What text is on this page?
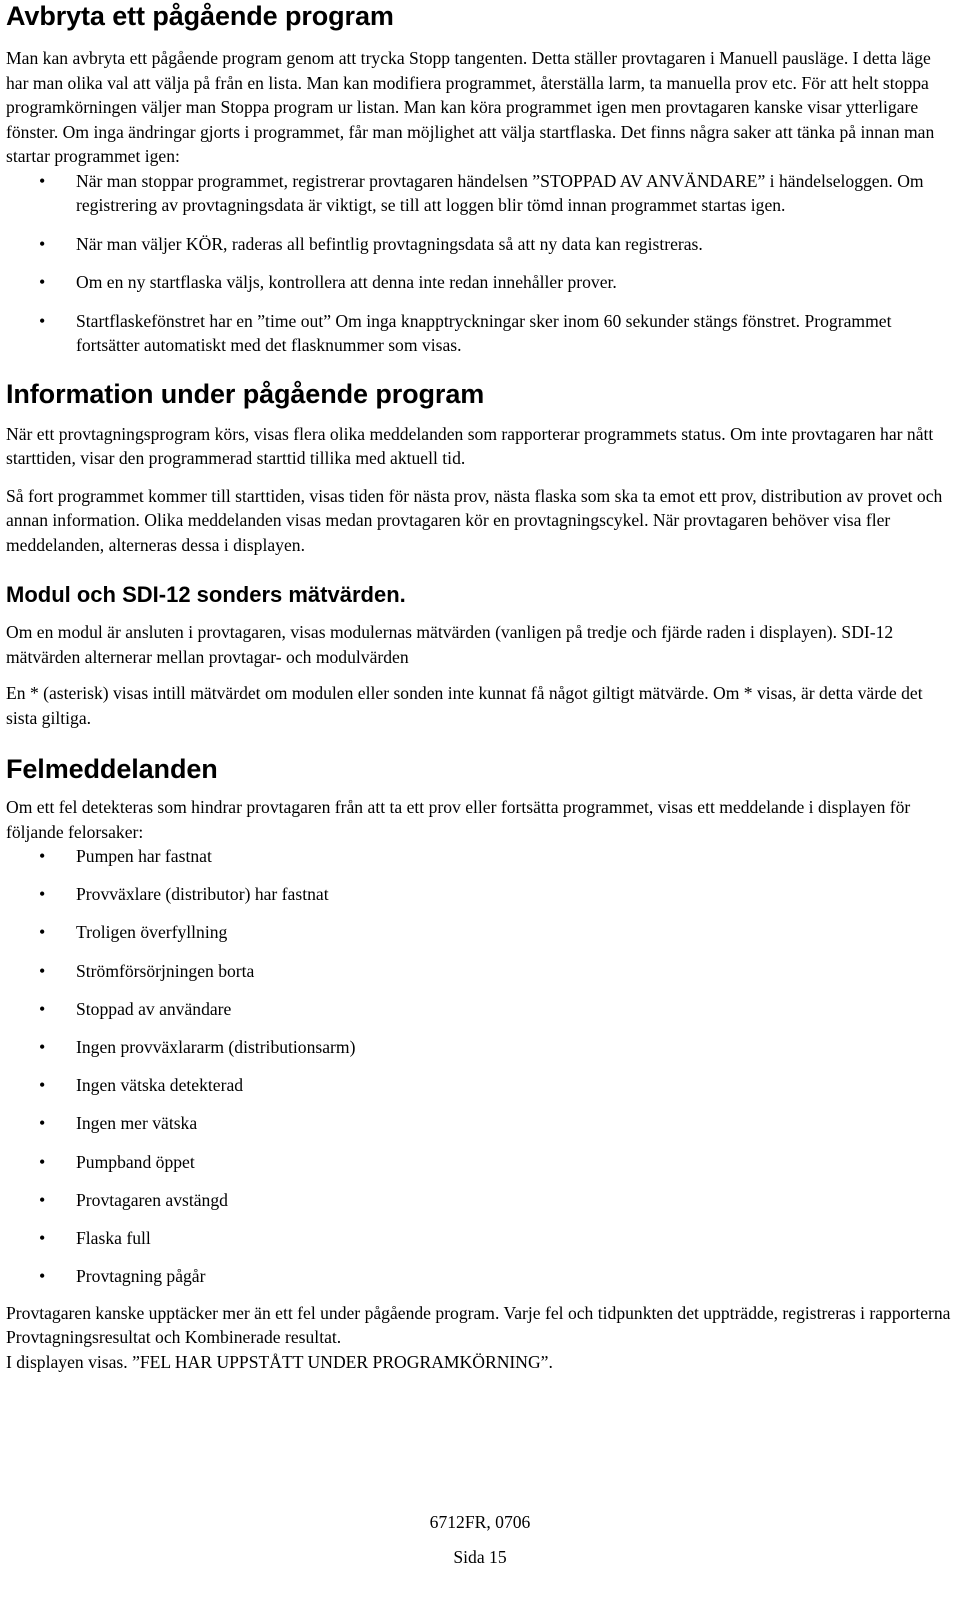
Avbryta ett pågående program

Man kan avbryta ett pågående program genom att trycka Stopp tangenten. Detta ställer provtagaren i Manuell pausläge. I detta läge har man olika val att välja på från en lista. Man kan modifiera programmet, återställa larm, ta manuella prov etc. För att helt stoppa programkörningen väljer man Stoppa program ur listan. Man kan köra programmet igen men provtagaren kanske visar ytterligare fönster. Om inga ändringar gjorts i programmet, får man möjlighet att välja startflaska. Det finns några saker att tänka på innan man startar programmet igen:

• När man stoppar programmet, registrerar provtagaren händelsen ”STOPPAD AV ANVÄNDARE” i händelseloggen. Om registrering av provtagningsdata är viktigt, se till att loggen blir tömd innan programmet startas igen.
• När man väljer KÖR, raderas all befintlig provtagningsdata så att ny data kan registreras.
• Om en ny startflaska väljs, kontrollera att denna inte redan innehåller prover.
• Startflaskefönstret har en ”time out” Om inga knapptryckningar sker inom 60 sekunder stängs fönstret. Programmet fortsätter automatiskt med det flasknummer som visas.
Information under pågående program

När ett provtagningsprogram körs, visas flera olika meddelanden som rapporterar programmets status. Om inte provtagaren har nått starttiden, visar den programmerad starttid tillika med aktuell tid.

Så fort programmet kommer till starttiden, visas tiden för nästa prov, nästa flaska som ska ta emot ett prov, distribution av provet och annan information. Olika meddelanden visas medan provtagaren kör en provtagningscykel. När provtagaren behöver visa fler meddelanden, alterneras dessa i displayen.

Modul och SDI-12 sonders mätvärden.

Om en modul är ansluten i provtagaren, visas modulernas mätvärden (vanligen på tredje och fjärde raden i displayen). SDI-12 mätvärden alternerar mellan provtagar- och modulvärden

En * (asterisk) visas intill mätvärdet om modulen eller sonden inte kunnat få något giltigt mätvärde. Om * visas, är detta värde det sista giltiga.

Felmeddelanden

Om ett fel detekteras som hindrar provtagaren från att ta ett prov eller fortsätta programmet, visas ett meddelande i displayen för följande felorsaker:

• Pumpen har fastnat
• Provväxlare (distributor) har fastnat
• Troligen överfyllning
• Strömförsörjningen borta
• Stoppad av användare
• Ingen provväxlararm (distributionsarm)
• Ingen vätska detekterad
• Ingen mer vätska
• Pumpband öppet
• Provtagaren avstängd
• Flaska full
• Provtagning pågår

Provtagaren kanske upptäcker mer än ett fel under pågående program. Varje fel och tidpunkten det uppträdde, registreras i rapporterna Provtagningsresultat och Kombinerade resultat.

I displayen visas. ”FEL HAR UPPSTÅTT UNDER PROGRAMKÖRNING”.

6712FR, 0706
Sida 15
